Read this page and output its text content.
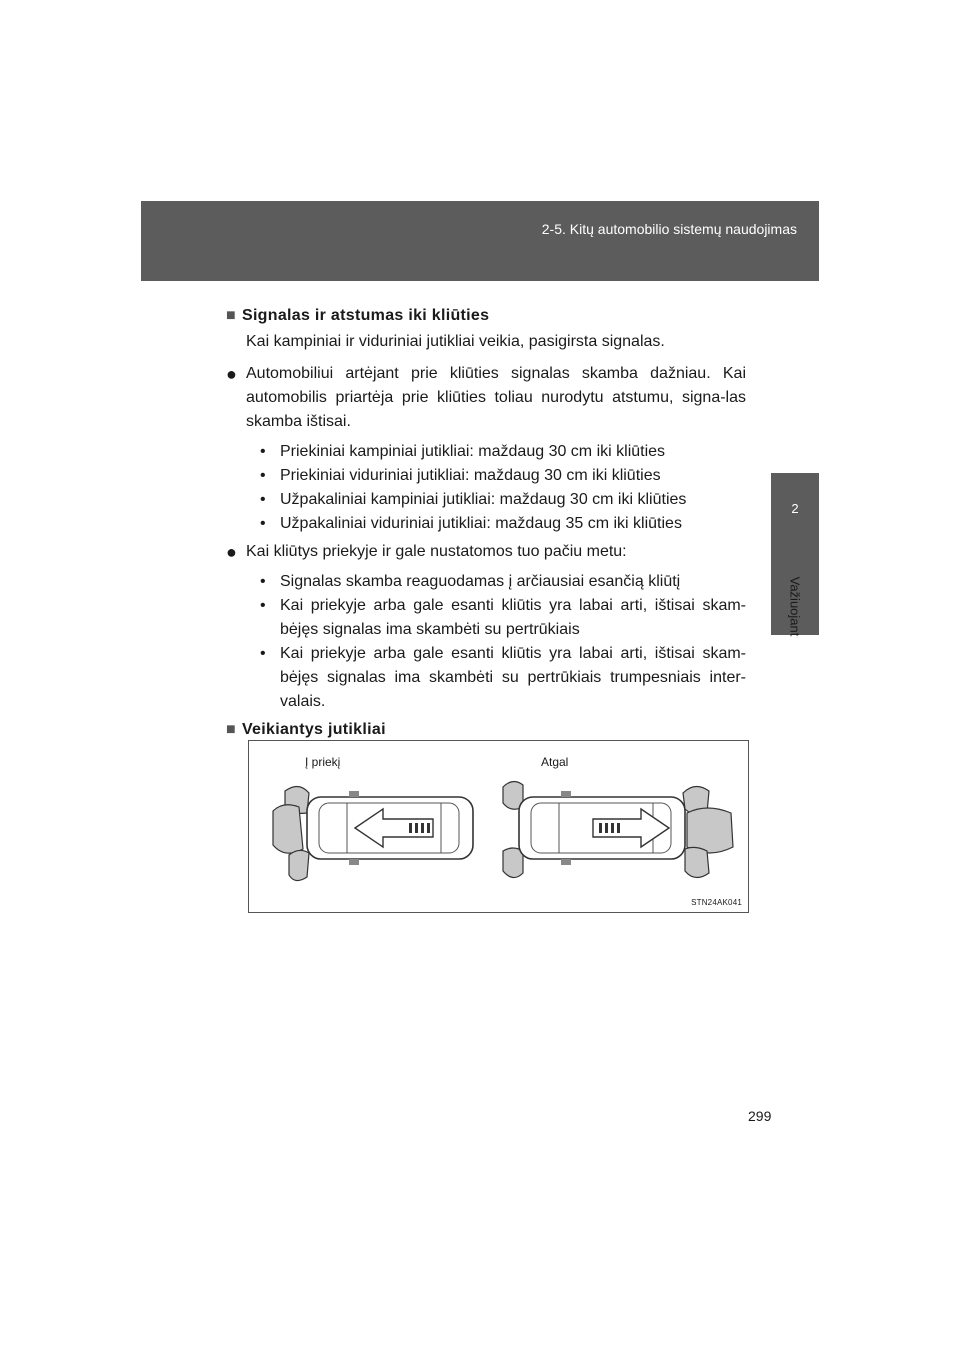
2-5. Kitų automobilio sistemų naudojimas
2
Važiuojant
■ Signalas ir atstumas iki kliūties
Kai kampiniai ir viduriniai jutikliai veikia, pasigirsta signalas.
● Automobiliui artėjant prie kliūties signalas skamba dažniau. Kai automobilis priartėja prie kliūties toliau nurodytu atstumu, signa-las skamba ištisai.
• Priekiniai kampiniai jutikliai: maždaug 30 cm iki kliūties
• Priekiniai viduriniai jutikliai: maždaug 30 cm iki kliūties
• Užpakaliniai kampiniai jutikliai: maždaug 30 cm iki kliūties
• Užpakaliniai viduriniai jutikliai: maždaug 35 cm iki kliūties
● Kai kliūtys priekyje ir gale nustatomos tuo pačiu metu:
• Signalas skamba reaguodamas į arčiausiai esančią kliūtį
• Kai priekyje arba gale esanti kliūtis yra labai arti, ištisai skam-bėjęs signalas ima skambėti su pertrūkiais
• Kai priekyje arba gale esanti kliūtis yra labai arti, ištisai skam-bėjęs signalas ima skambėti su pertrūkiais trumpesniais inter-valais.
■ Veikiantys jutikliai
Į priekį	Atgal
STN24AK041
299
